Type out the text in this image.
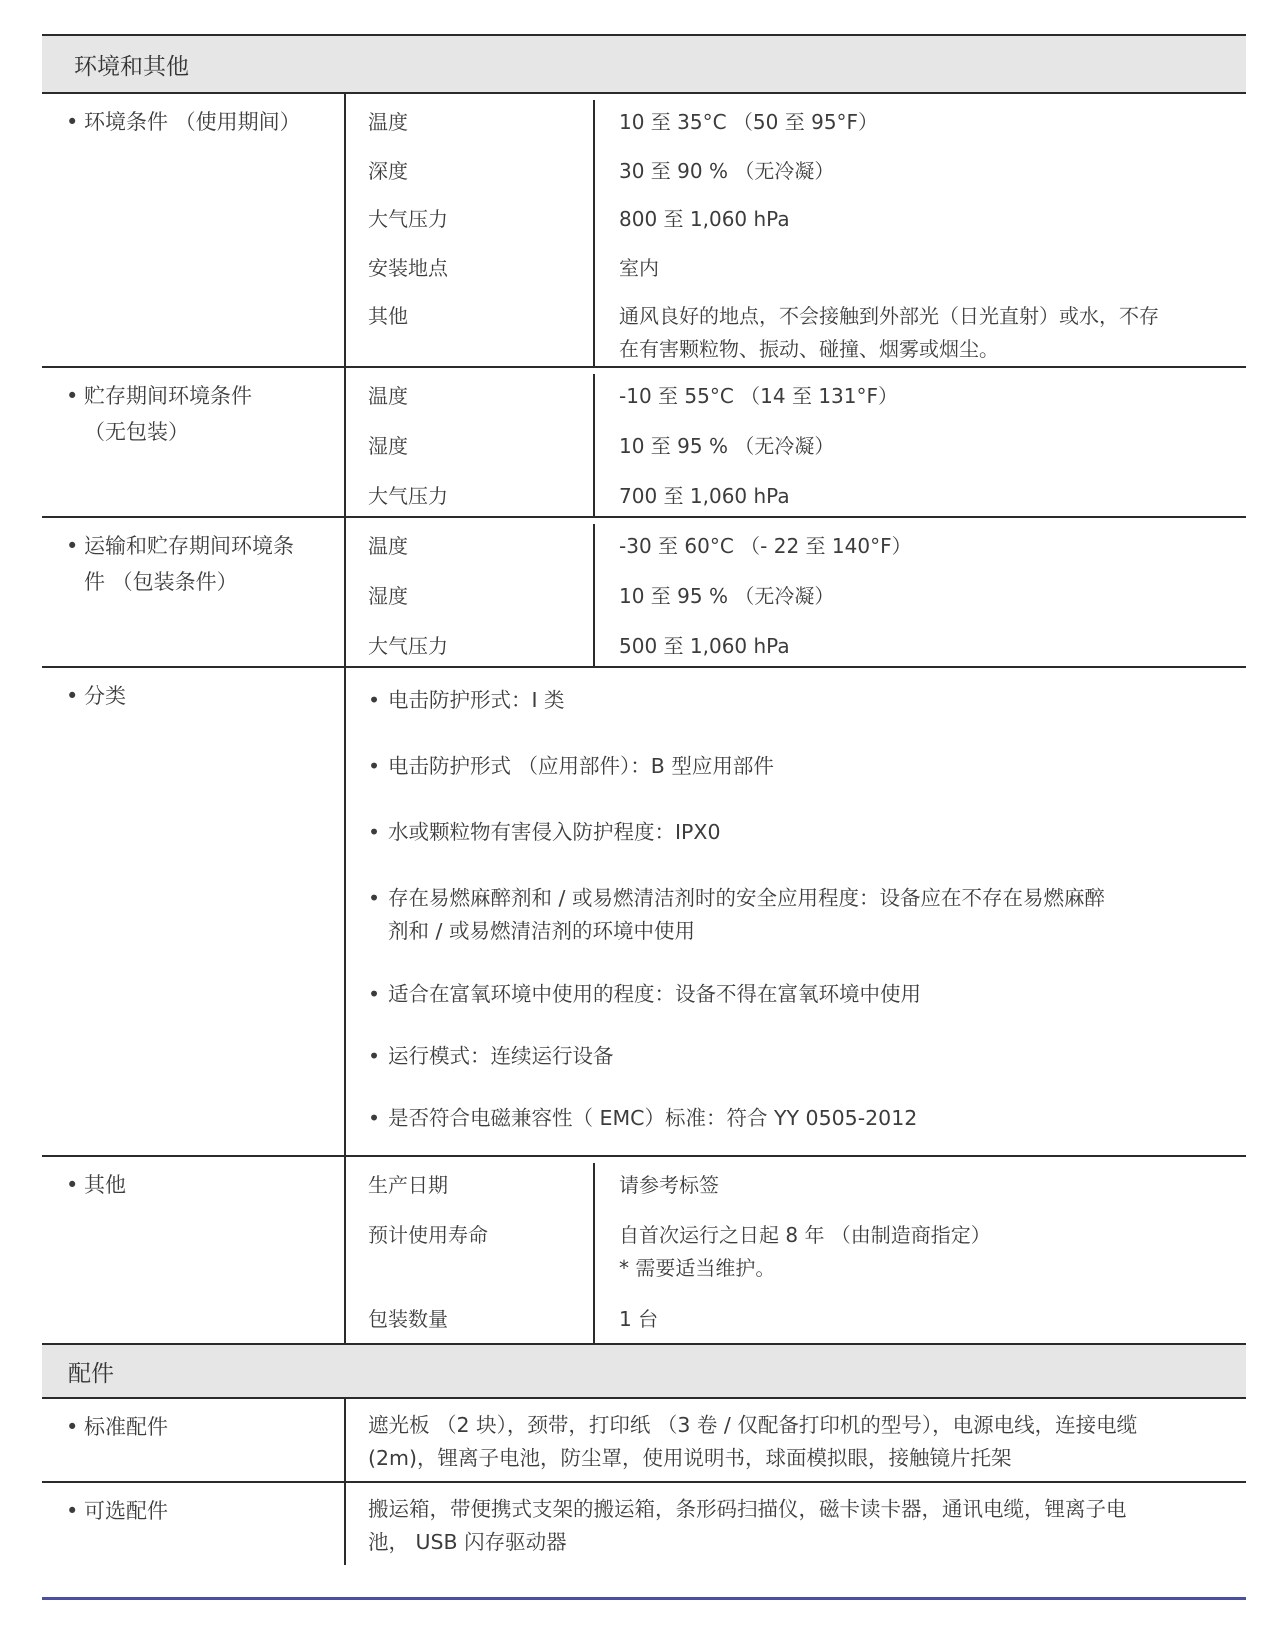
环境和其他
• 环境条件 （使用期间）	温度	10 至 35°C （50 至 95°F）
深度	30 至 90 % （无冷凝）
大气压力	800 至 1,060 hPa
安装地点	室内
其他	通风良好的地点，不会接触到外部光（日光直射）或水，不存
在有害颗粒物、振动、碰撞、烟雾或烟尘。
• 贮存期间环境条件
（无包装）
温度	-10 至 55°C （14 至 131°F）
湿度	10 至 95 % （无冷凝）
大气压力	700 至 1,060 hPa
• 运输和贮存期间环境条
件 （包装条件）
温度	-30 至 60°C （- 22 至 140°F）
湿度	10 至 95 % （无冷凝）
大气压力	500 至 1,060 hPa
• 分类	• 电击防护形式：I 类
• 电击防护形式 （应用部件）：B 型应用部件
• 水或颗粒物有害侵入防护程度：IPX0
• 存在易燃麻醉剂和 / 或易燃清洁剂时的安全应用程度：设备应在不存在易燃麻醉
剂和 / 或易燃清洁剂的环境中使用
• 适合在富氧环境中使用的程度：设备不得在富氧环境中使用
• 运行模式：连续运行设备
• 是否符合电磁兼容性（ EMC）标准：符合 YY 0505-2012
• 其他	生产日期	请参考标签
预计使用寿命	自首次运行之日起 8 年 （由制造商指定）
* 需要适当维护。
包装数量	1 台
配件
• 标准配件	遮光板 （2 块），颈带，打印纸 （3 卷 / 仅配备打印机的型号），电源电线，连接电缆
(2m)，锂离子电池，防尘罩，使用说明书，球面模拟眼，接触镜片托架
• 可选配件	搬运箱，带便携式支架的搬运箱，条形码扫描仪，磁卡读卡器，通讯电缆，锂离子电
池， USB 闪存驱动器
